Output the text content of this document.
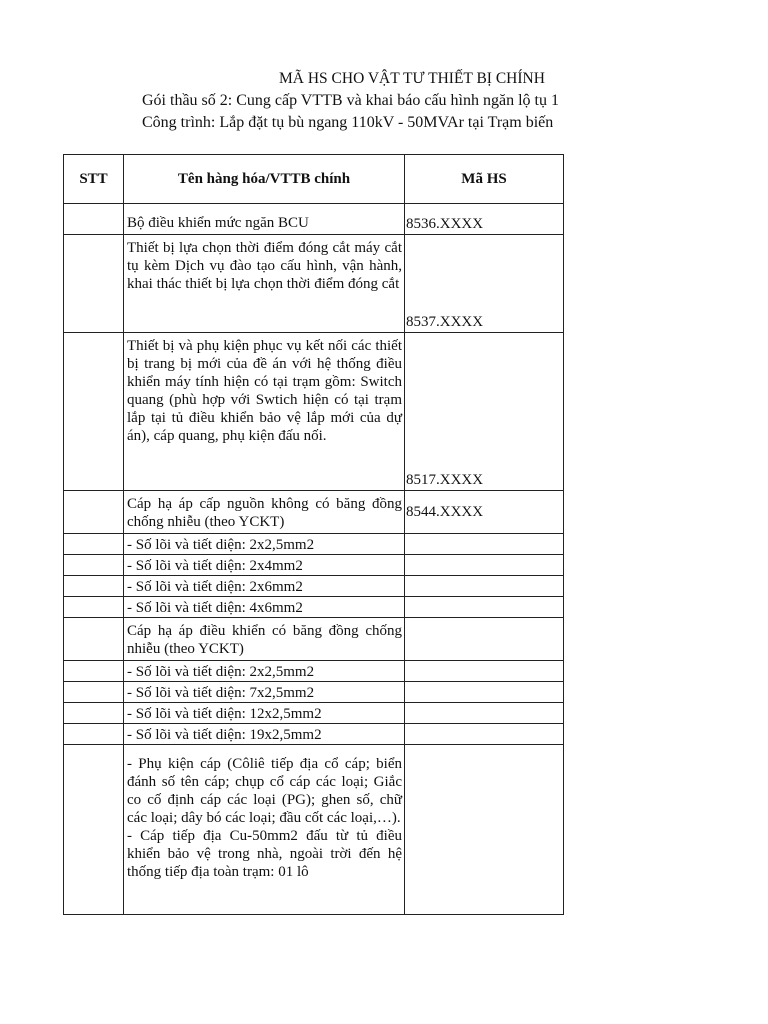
MÃ HS CHO VẬT TƯ THIẾT BỊ CHÍNH
Gói thầu số 2: Cung cấp VTTB và khai báo cấu hình ngăn lộ tụ 1
Công trình: Lắp đặt tụ bù ngang 110kV - 50MVAr tại Trạm biến
STT	Tên hàng hóa/VTTB chính	Mã HS
	Bộ điều khiển mức ngăn BCU	8536.XXXX
	Thiết bị lựa chọn thời điểm đóng cắt máy cắt tụ kèm Dịch vụ đào tạo cấu hình, vận hành, khai thác thiết bị lựa chọn thời điểm đóng cắt	8537.XXXX
	Thiết bị và phụ kiện phục vụ kết nối các thiết bị trang bị mới của đề án với hệ thống điều khiển máy tính hiện có tại trạm gồm: Switch quang (phù hợp với Swtich hiện có tại trạm lắp tại tủ điều khiển bảo vệ lắp mới của dự án), cáp quang, phụ kiện đấu nối.	8517.XXXX
	Cáp hạ áp cấp nguồn không có băng đồng chống nhiễu (theo YCKT)	8544.XXXX
	- Số lõi và tiết diện: 2x2,5mm2	
	- Số lõi và tiết diện: 2x4mm2	
	- Số lõi và tiết diện: 2x6mm2	
	- Số lõi và tiết diện: 4x6mm2	
	Cáp hạ áp điều khiển có băng đồng chống nhiễu (theo YCKT)	
	- Số lõi và tiết diện: 2x2,5mm2	
	- Số lõi và tiết diện: 7x2,5mm2	
	- Số lõi và tiết diện: 12x2,5mm2	
	- Số lõi và tiết diện: 19x2,5mm2	

	- Phụ kiện cáp (Côliê tiếp địa cổ cáp; biển đánh số tên cáp; chụp cổ cáp các loại; Giắc co cố định cáp các loại (PG); ghen số, chữ các loại; dây bó các loại; đầu cốt các loại,…).
- Cáp tiếp địa Cu-50mm2 đấu từ tủ điều khiển bảo vệ trong nhà, ngoài trời đến hệ thống tiếp địa toàn trạm: 01 lô	
